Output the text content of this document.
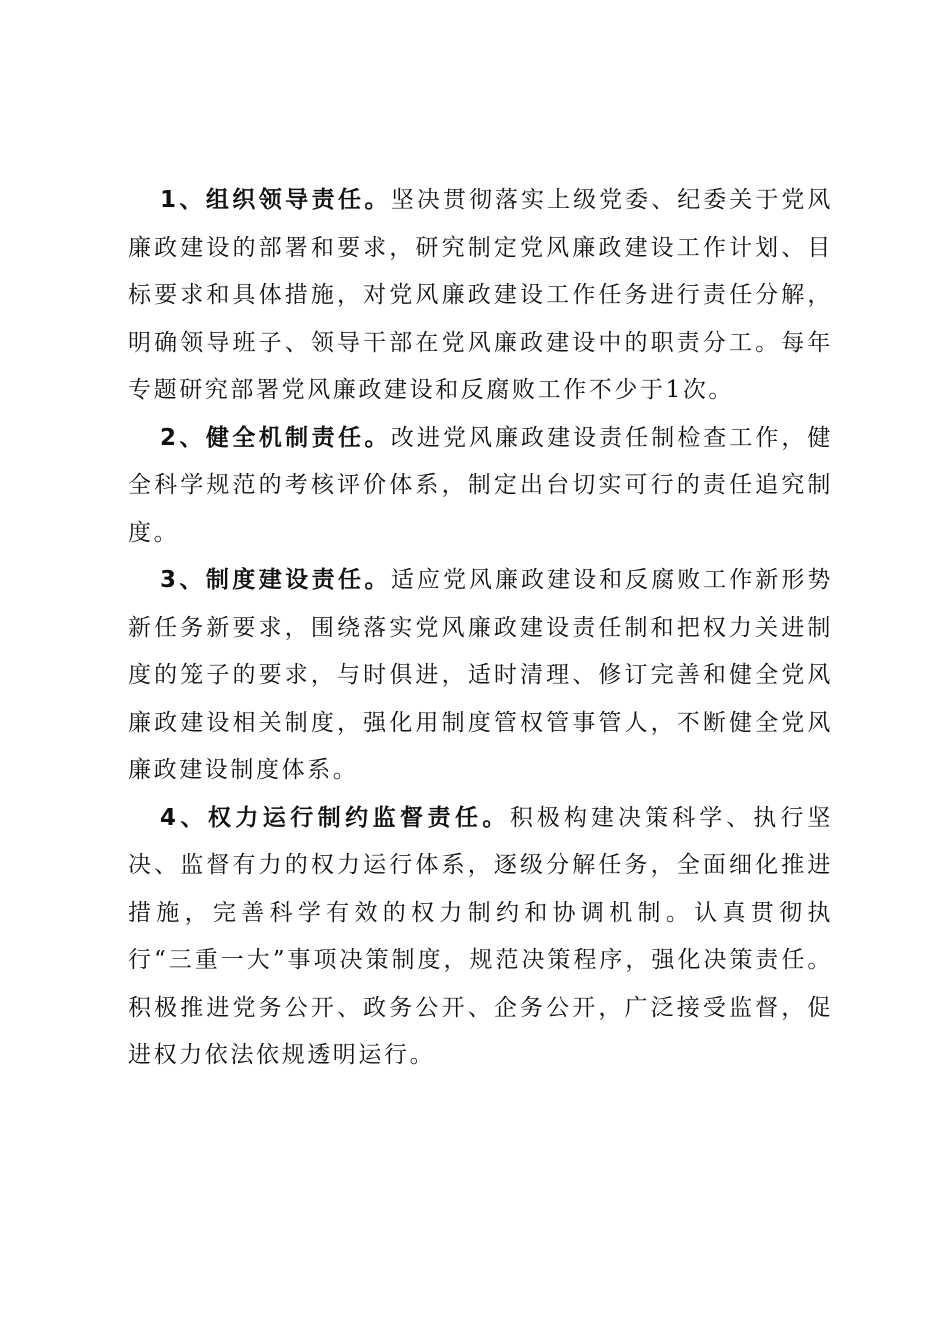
1、组织领导责任。坚决贯彻落实上级党委、纪委关于党风廉政建设的部署和要求，研究制定党风廉政建设工作计划、目标要求和具体措施，对党风廉政建设工作任务进行责任分解，明确领导班子、领导干部在党风廉政建设中的职责分工。每年专题研究部署党风廉政建设和反腐败工作不少于1次。

2、健全机制责任。改进党风廉政建设责任制检查工作，健全科学规范的考核评价体系，制定出台切实可行的责任追究制度。

3、制度建设责任。适应党风廉政建设和反腐败工作新形势新任务新要求，围绕落实党风廉政建设责任制和把权力关进制度的笼子的要求，与时俱进，适时清理、修订完善和健全党风廉政建设相关制度，强化用制度管权管事管人，不断健全党风廉政建设制度体系。

4、权力运行制约监督责任。积极构建决策科学、执行坚决、监督有力的权力运行体系，逐级分解任务，全面细化推进措施，完善科学有效的权力制约和协调机制。认真贯彻执行“三重一大”事项决策制度，规范决策程序，强化决策责任。积极推进党务公开、政务公开、企务公开，广泛接受监督，促进权力依法依规透明运行。
